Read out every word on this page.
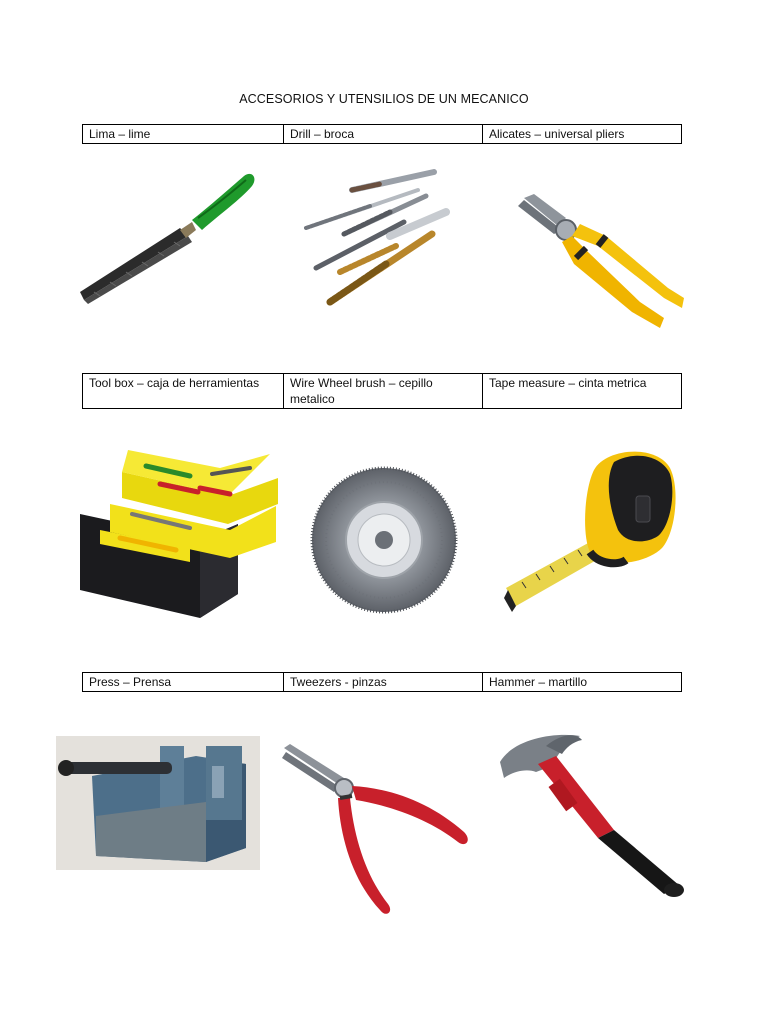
ACCESORIOS Y UTENSILIOS DE UN MECANICO
Lima – lime	Drill – broca	Alicates – universal pliers
Tool box – caja de herramientas	Wire Wheel brush – cepillo metalico	Tape measure – cinta metrica
Press – Prensa	Tweezers - pinzas	Hammer – martillo
